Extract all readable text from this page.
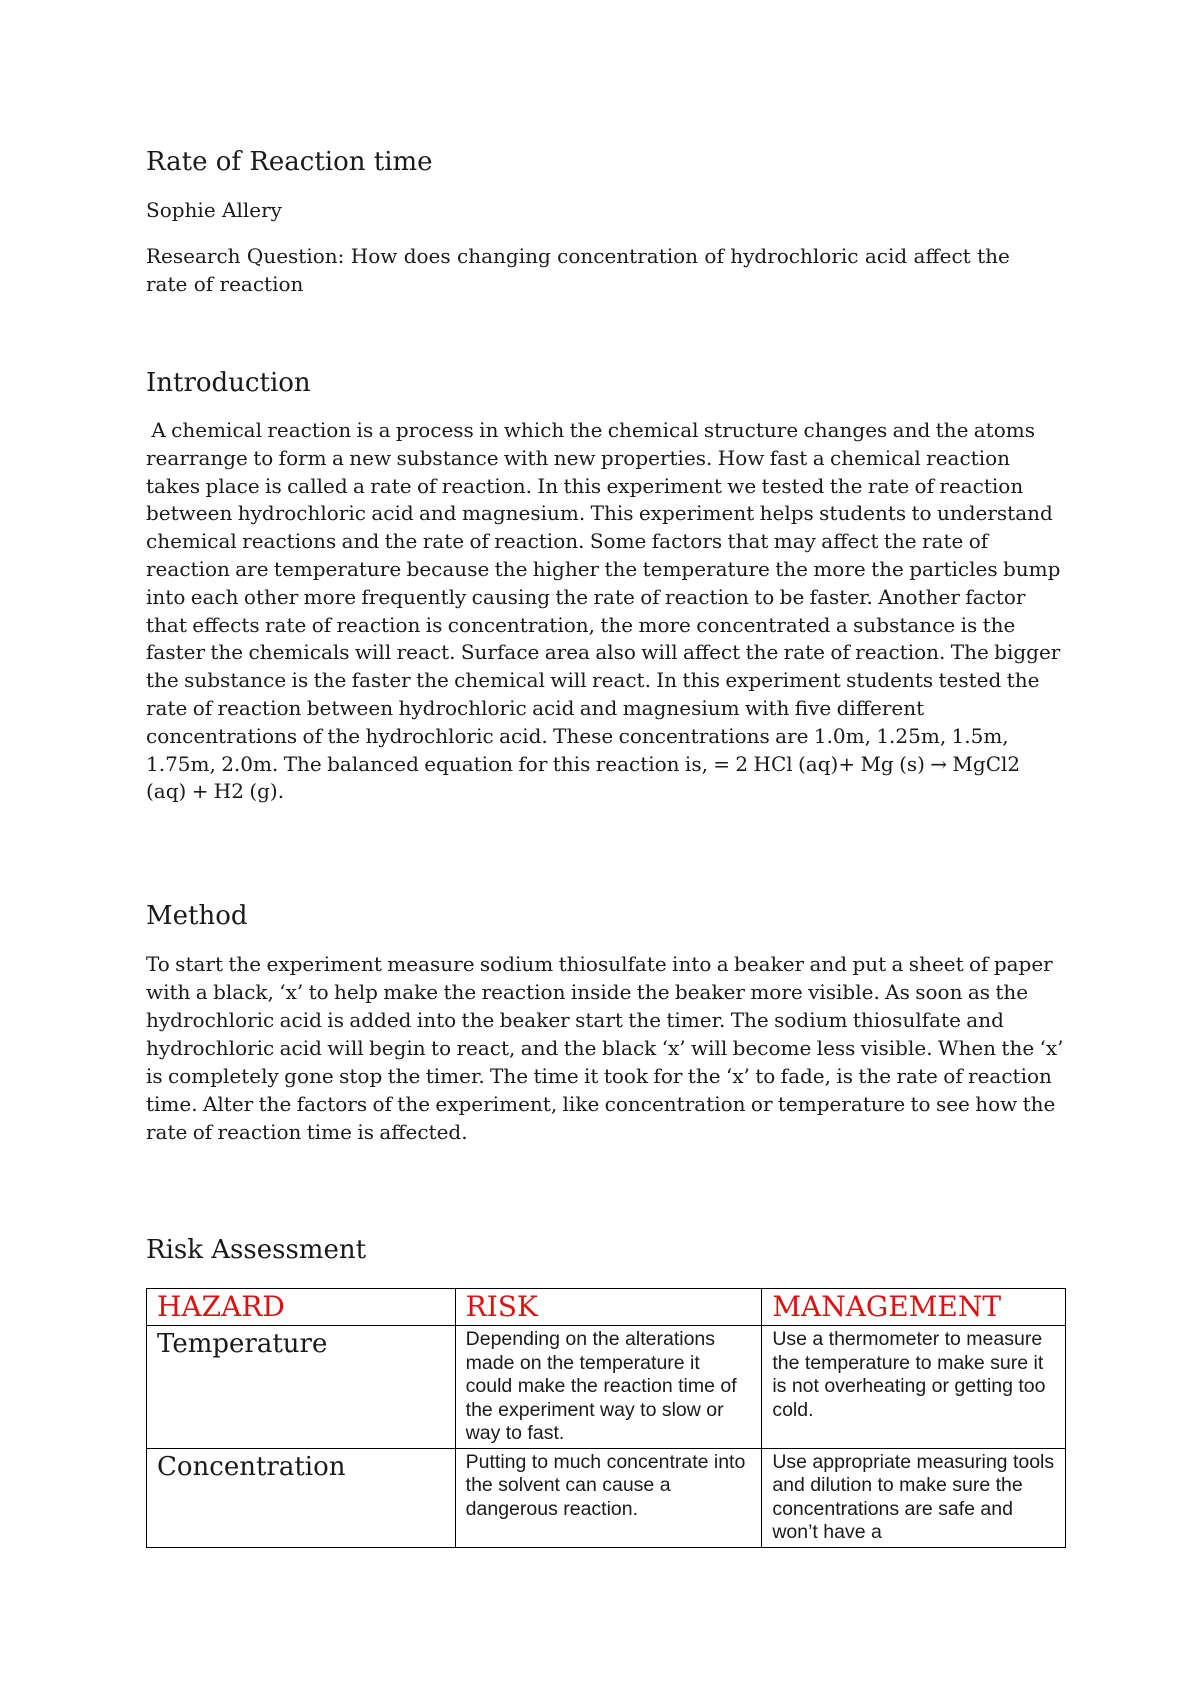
Rate of Reaction time

Sophie Allery

Research Question: How does changing concentration of hydrochloric acid affect the rate of reaction

Introduction

A chemical reaction is a process in which the chemical structure changes and the atoms rearrange to form a new substance with new properties. How fast a chemical reaction takes place is called a rate of reaction. In this experiment we tested the rate of reaction between hydrochloric acid and magnesium. This experiment helps students to understand chemical reactions and the rate of reaction. Some factors that may affect the rate of reaction are temperature because the higher the temperature the more the particles bump into each other more frequently causing the rate of reaction to be faster. Another factor that effects rate of reaction is concentration, the more concentrated a substance is the faster the chemicals will react. Surface area also will affect the rate of reaction. The bigger the substance is the faster the chemical will react. In this experiment students tested the rate of reaction between hydrochloric acid and magnesium with five different concentrations of the hydrochloric acid. These concentrations are 1.0m, 1.25m, 1.5m, 1.75m, 2.0m. The balanced equation for this reaction is, = 2 HCl (aq)+ Mg (s) → MgCl2 (aq) + H2 (g).

Method

To start the experiment measure sodium thiosulfate into a beaker and put a sheet of paper with a black, ‘x’ to help make the reaction inside the beaker more visible. As soon as the hydrochloric acid is added into the beaker start the timer. The sodium thiosulfate and hydrochloric acid will begin to react, and the black ‘x’ will become less visible. When the ‘x’ is completely gone stop the timer. The time it took for the ‘x’ to fade, is the rate of reaction time. Alter the factors of the experiment, like concentration or temperature to see how the rate of reaction time is affected.

Risk Assessment
HAZARD	RISK	MANAGEMENT
Temperature	Depending on the alterations made on the temperature it could make the reaction time of the experiment way to slow or way to fast.	Use a thermometer to measure the temperature to make sure it is not overheating or getting too cold.
Concentration	Putting to much concentrate into the solvent can cause a dangerous reaction.	Use appropriate measuring tools and dilution to make sure the concentrations are safe and won’t have a
